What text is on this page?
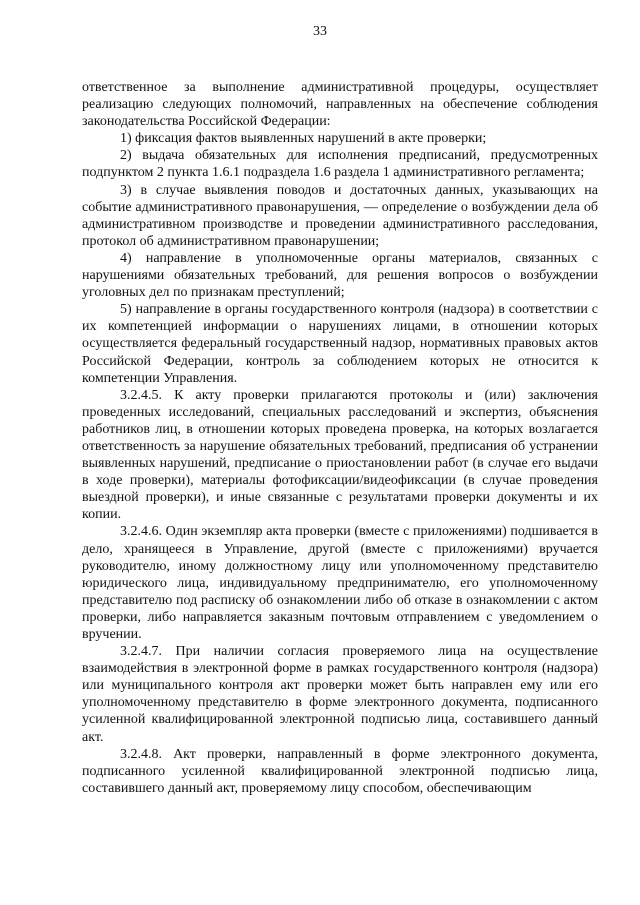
33

ответственное за выполнение административной процедуры, осуществляет реализацию следующих полномочий, направленных на обеспечение соблюдения законодательства Российской Федерации:

1) фиксация фактов выявленных нарушений в акте проверки;

2) выдача обязательных для исполнения предписаний, предусмотренных подпунктом 2 пункта 1.6.1 подраздела 1.6 раздела 1 административного регламента;

3) в случае выявления поводов и достаточных данных, указывающих на событие административного правонарушения, — определение о возбуждении дела об административном производстве и проведении административного расследования, протокол об административном правонарушении;

4) направление в уполномоченные органы материалов, связанных с нарушениями обязательных требований, для решения вопросов о возбуждении уголовных дел по признакам преступлений;

5) направление в органы государственного контроля (надзора) в соответствии с их компетенцией информации о нарушениях лицами, в отношении которых осуществляется федеральный государственный надзор, нормативных правовых актов Российской Федерации, контроль за соблюдением которых не относится к компетенции Управления.

3.2.4.5. К акту проверки прилагаются протоколы и (или) заключения проведенных исследований, специальных расследований и экспертиз, объяснения работников лиц, в отношении которых проведена проверка, на которых возлагается ответственность за нарушение обязательных требований, предписания об устранении выявленных нарушений, предписание о приостановлении работ (в случае его выдачи в ходе проверки), материалы фотофиксации/видеофиксации (в случае проведения выездной проверки), и иные связанные с результатами проверки документы и их копии.

3.2.4.6. Один экземпляр акта проверки (вместе с приложениями) подшивается в дело, хранящееся в Управление, другой (вместе с приложениями) вручается руководителю, иному должностному лицу или уполномоченному представителю юридического лица, индивидуальному предпринимателю, его уполномоченному представителю под расписку об ознакомлении либо об отказе в ознакомлении с актом проверки, либо направляется заказным почтовым отправлением с уведомлением о вручении.

3.2.4.7. При наличии согласия проверяемого лица на осуществление взаимодействия в электронной форме в рамках государственного контроля (надзора) или муниципального контроля акт проверки может быть направлен ему или его уполномоченному представителю в форме электронного документа, подписанного усиленной квалифицированной электронной подписью лица, составившего данный акт.

3.2.4.8. Акт проверки, направленный в форме электронного документа, подписанного усиленной квалифицированной электронной подписью лица, составившего данный акт, проверяемому лицу способом, обеспечивающим
